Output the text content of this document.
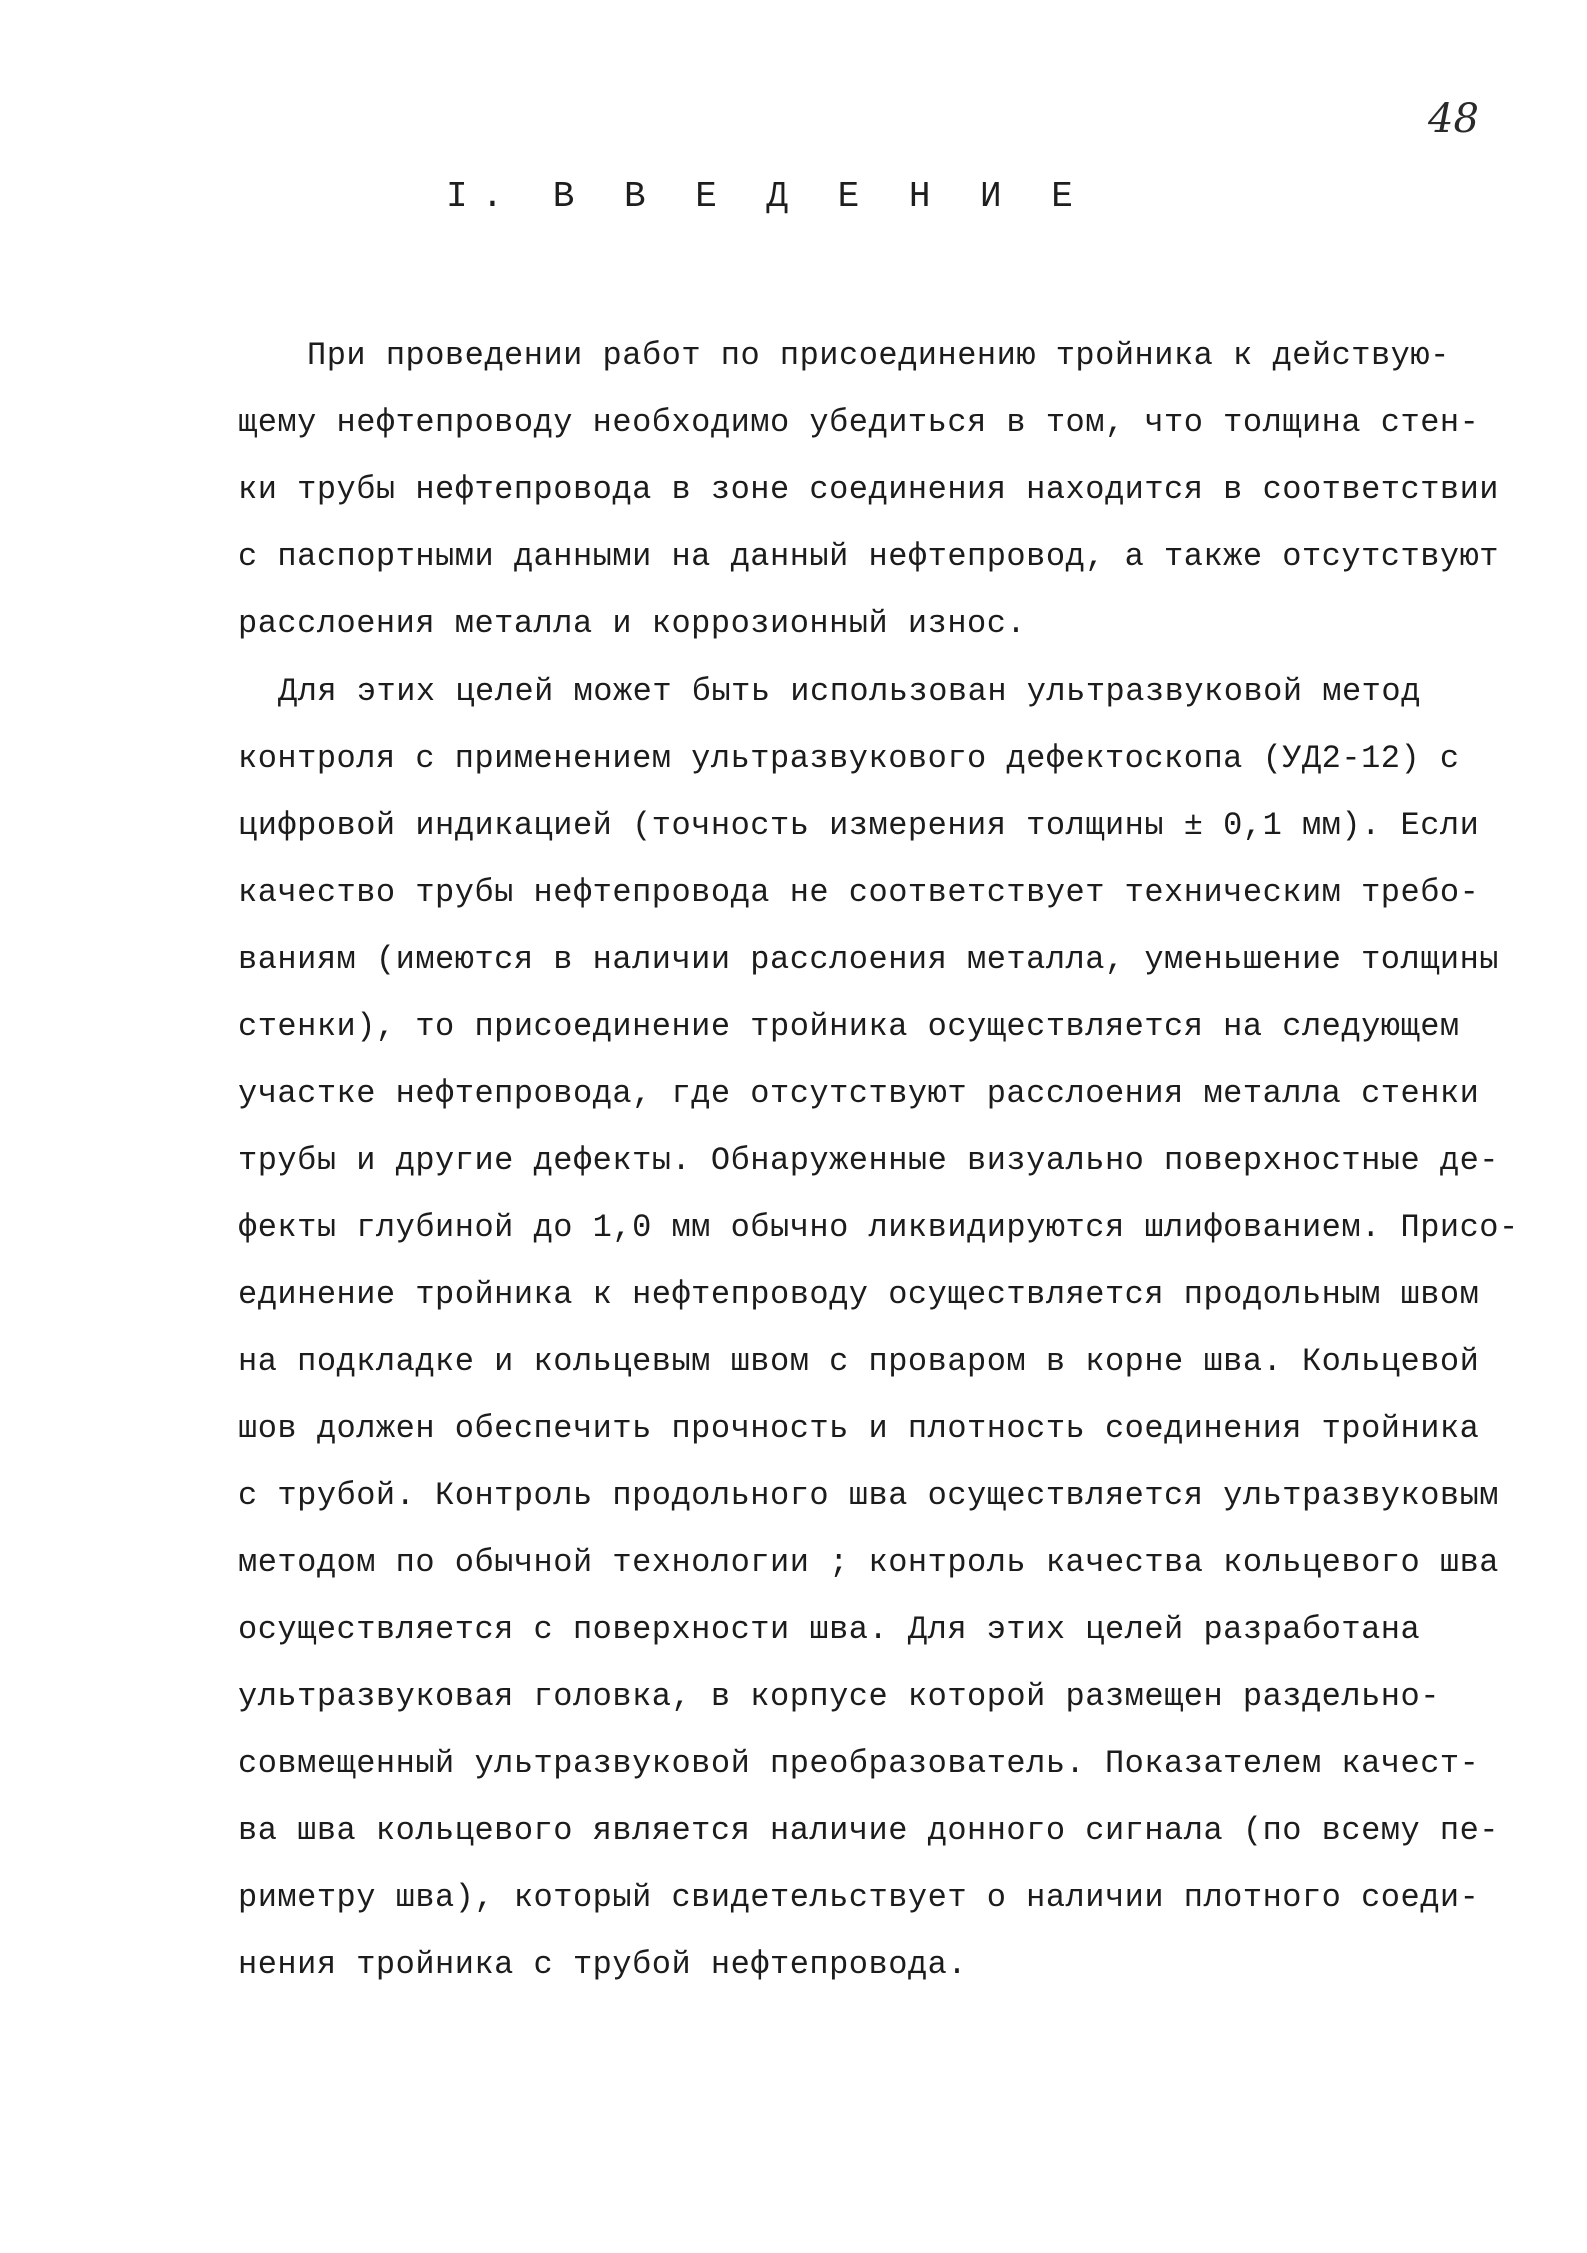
48
I. В В Е Д Е Н И Е
При проведении работ по присоединению тройника к действую-
щему нефтепроводу необходимо убедиться в том, что толщина стен-
ки трубы нефтепровода в зоне соединения находится в соответствии
с паспортными данными на данный нефтепровод, а также отсутствуют
расслоения металла и коррозионный износ.
Для этих целей может быть использован ультразвуковой метод
контроля с применением ультразвукового дефектоскопа (УД2-12) с
цифровой индикацией (точность измерения толщины ± 0,1 мм). Если
качество трубы нефтепровода не соответствует техническим требо-
ваниям (имеются в наличии расслоения металла, уменьшение толщины
стенки), то присоединение тройника осуществляется на следующем
участке нефтепровода, где отсутствуют расслоения металла стенки
трубы и другие дефекты. Обнаруженные визуально поверхностные де-
фекты глубиной до 1,0 мм обычно ликвидируются шлифованием. Присо-
единение тройника к нефтепроводу осуществляется продольным швом
на подкладке и кольцевым швом с проваром в корне шва. Кольцевой
шов должен обеспечить прочность и плотность соединения тройника
с трубой. Контроль продольного шва осуществляется ультразвуковым
методом по обычной технологии ; контроль качества кольцевого шва
осуществляется с поверхности шва. Для этих целей разработана
ультразвуковая головка, в корпусе которой размещен раздельно-
совмещенный ультразвуковой преобразователь. Показателем качест-
ва шва кольцевого является наличие донного сигнала (по всему пе-
риметру шва), который свидетельствует о наличии плотного соеди-
нения тройника с трубой нефтепровода.
